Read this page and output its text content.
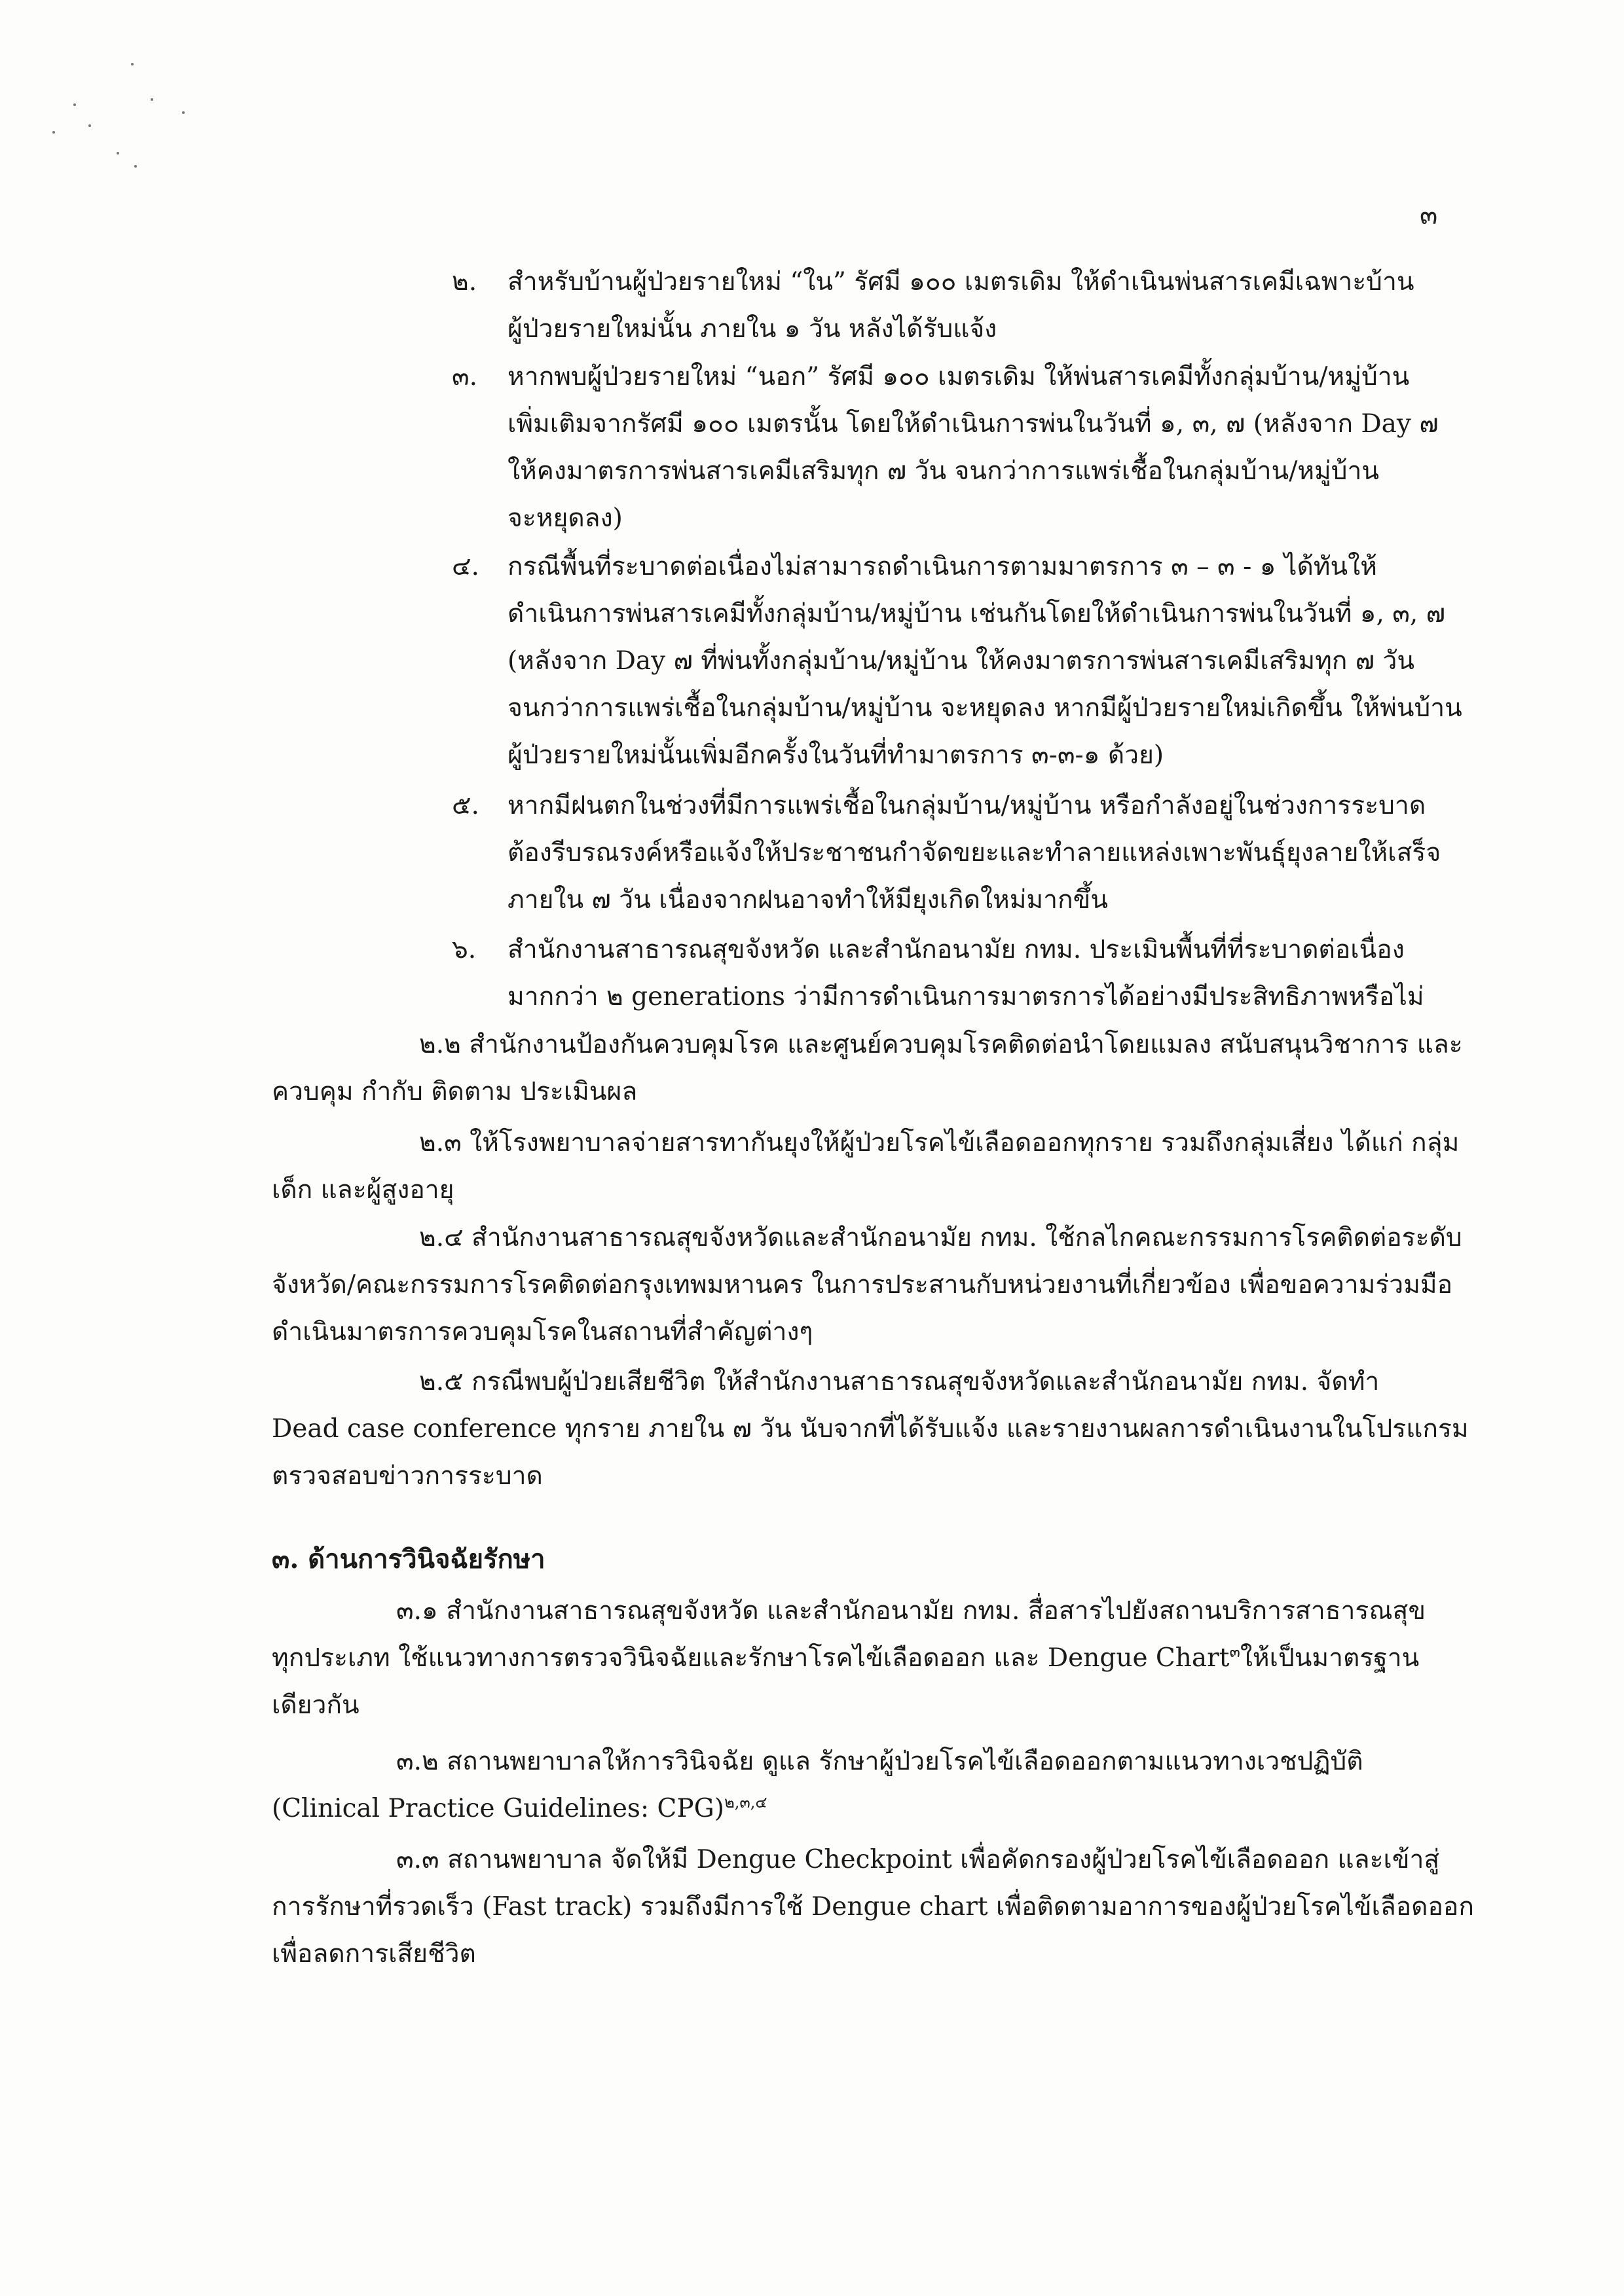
๓
๒. สำหรับบ้านผู้ป่วยรายใหม่ “ใน” รัศมี ๑๐๐ เมตรเดิม ให้ดำเนินพ่นสารเคมีเฉพาะบ้าน
ผู้ป่วยรายใหม่นั้น ภายใน ๑ วัน หลังได้รับแจ้ง
๓. หากพบผู้ป่วยรายใหม่ “นอก” รัศมี ๑๐๐ เมตรเดิม ให้พ่นสารเคมีทั้งกลุ่มบ้าน/หมู่บ้าน
เพิ่มเติมจากรัศมี ๑๐๐ เมตรนั้น โดยให้ดำเนินการพ่นในวันที่ ๑, ๓, ๗ (หลังจาก Day ๗
ให้คงมาตรการพ่นสารเคมีเสริมทุก ๗ วัน จนกว่าการแพร่เชื้อในกลุ่มบ้าน/หมู่บ้าน
จะหยุดลง)
๔. กรณีพื้นที่ระบาดต่อเนื่องไม่สามารถดำเนินการตามมาตรการ ๓ – ๓ - ๑ ได้ทันให้
ดำเนินการพ่นสารเคมีทั้งกลุ่มบ้าน/หมู่บ้าน เช่นกันโดยให้ดำเนินการพ่นในวันที่ ๑, ๓, ๗
(หลังจาก Day ๗ ที่พ่นทั้งกลุ่มบ้าน/หมู่บ้าน ให้คงมาตรการพ่นสารเคมีเสริมทุก ๗ วัน
จนกว่าการแพร่เชื้อในกลุ่มบ้าน/หมู่บ้าน จะหยุดลง หากมีผู้ป่วยรายใหม่เกิดขึ้น ให้พ่นบ้าน
ผู้ป่วยรายใหม่นั้นเพิ่มอีกครั้งในวันที่ทำมาตรการ ๓-๓-๑ ด้วย)
๕. หากมีฝนตกในช่วงที่มีการแพร่เชื้อในกลุ่มบ้าน/หมู่บ้าน หรือกำลังอยู่ในช่วงการระบาด
ต้องรีบรณรงค์หรือแจ้งให้ประชาชนกำจัดขยะและทำลายแหล่งเพาะพันธุ์ยุงลายให้เสร็จ
ภายใน ๗ วัน เนื่องจากฝนอาจทำให้มียุงเกิดใหม่มากขึ้น
๖. สำนักงานสาธารณสุขจังหวัด และสำนักอนามัย กทม. ประเมินพื้นที่ที่ระบาดต่อเนื่อง
มากกว่า ๒ generations ว่ามีการดำเนินการมาตรการได้อย่างมีประสิทธิภาพหรือไม่
๒.๒ สำนักงานป้องกันควบคุมโรค และศูนย์ควบคุมโรคติดต่อนำโดยแมลง สนับสนุนวิชาการ และ
ควบคุม กำกับ ติดตาม ประเมินผล
๒.๓ ให้โรงพยาบาลจ่ายสารทากันยุงให้ผู้ป่วยโรคไข้เลือดออกทุกราย รวมถึงกลุ่มเสี่ยง ได้แก่ กลุ่ม
เด็ก และผู้สูงอายุ
๒.๔ สำนักงานสาธารณสุขจังหวัดและสำนักอนามัย กทม. ใช้กลไกคณะกรรมการโรคติดต่อระดับ
จังหวัด/คณะกรรมการโรคติดต่อกรุงเทพมหานคร ในการประสานกับหน่วยงานที่เกี่ยวข้อง เพื่อขอความร่วมมือ
ดำเนินมาตรการควบคุมโรคในสถานที่สำคัญต่างๆ
๒.๕ กรณีพบผู้ป่วยเสียชีวิต ให้สำนักงานสาธารณสุขจังหวัดและสำนักอนามัย กทม. จัดทำ
Dead case conference ทุกราย ภายใน ๗ วัน นับจากที่ได้รับแจ้ง และรายงานผลการดำเนินงานในโปรแกรม
ตรวจสอบข่าวการระบาด
๓. ด้านการวินิจฉัยรักษา
๓.๑ สำนักงานสาธารณสุขจังหวัด และสำนักอนามัย กทม. สื่อสารไปยังสถานบริการสาธารณสุข
ทุกประเภท ใช้แนวทางการตรวจวินิจฉัยและรักษาโรคไข้เลือดออก และ Dengue Chart$^๓$ให้เป็นมาตรฐาน
เดียวกัน
๓.๒ สถานพยาบาลให้การวินิจฉัย ดูแล รักษาผู้ป่วยโรคไข้เลือดออกตามแนวทางเวชปฏิบัติ
(Clinical Practice Guidelines: CPG)$^{๒,๓,๔}$
๓.๓ สถานพยาบาล จัดให้มี Dengue Checkpoint เพื่อคัดกรองผู้ป่วยโรคไข้เลือดออก และเข้าสู่
การรักษาที่รวดเร็ว (Fast track) รวมถึงมีการใช้ Dengue chart เพื่อติดตามอาการของผู้ป่วยโรคไข้เลือดออก
เพื่อลดการเสียชีวิต
